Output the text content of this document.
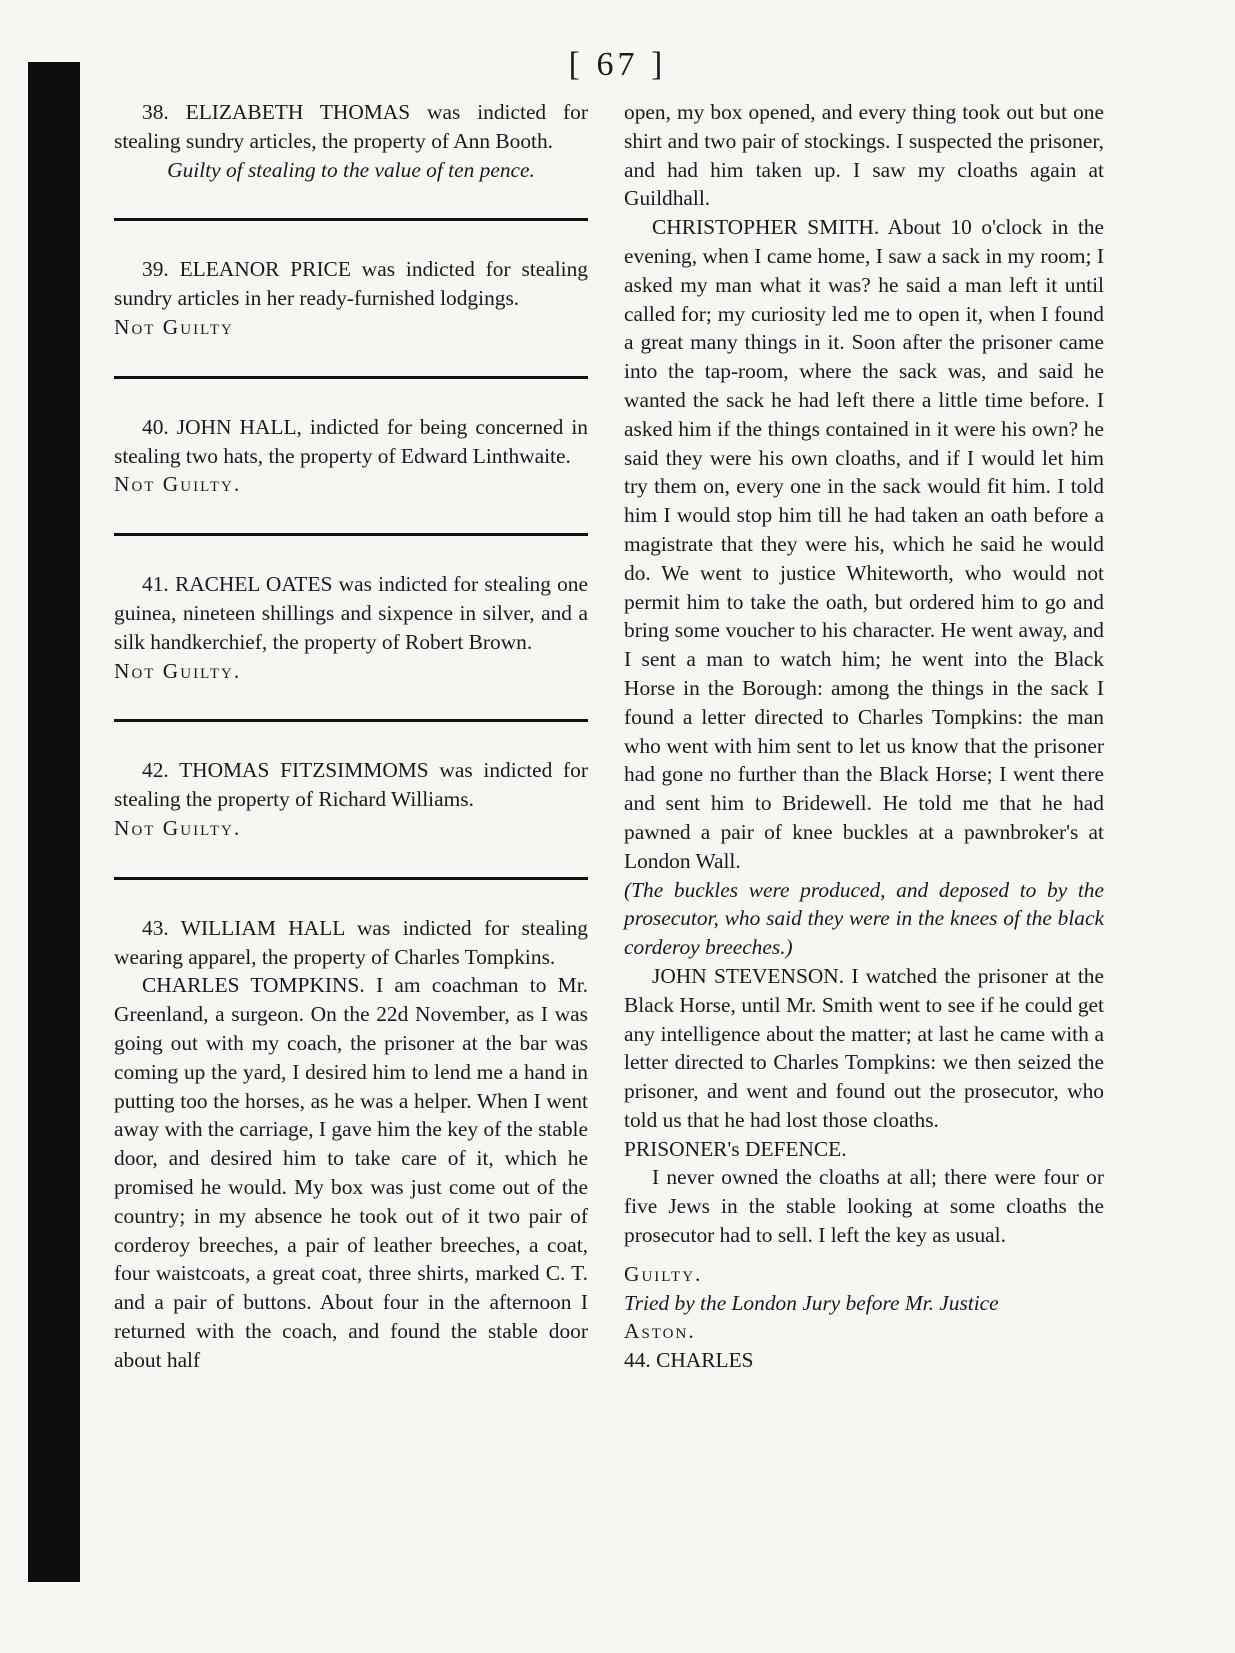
[ 67 ]

38. ELIZABETH THOMAS was indicted for stealing sundry articles, the property of Ann Booth.

Guilty of stealing to the value of ten pence.

39. ELEANOR PRICE was indicted for stealing sundry articles in her ready-furnished lodgings.

Not Guilty

40. JOHN HALL, indicted for being concerned in stealing two hats, the property of Edward Linthwaite.

Not Guilty.

41. RACHEL OATES was indicted for stealing one guinea, nineteen shillings and sixpence in silver, and a silk handkerchief, the property of Robert Brown.

Not Guilty.

42. THOMAS FITZSIMMOMS was indicted for stealing the property of Richard Williams.

Not Guilty.

43. WILLIAM HALL was indicted for stealing wearing apparel, the property of Charles Tompkins.

CHARLES TOMPKINS. I am coachman to Mr. Greenland, a surgeon. On the 22d November, as I was going out with my coach, the prisoner at the bar was coming up the yard, I desired him to lend me a hand in putting too the horses, as he was a helper. When I went away with the carriage, I gave him the key of the stable door, and desired him to take care of it, which he promised he would. My box was just come out of the country; in my absence he took out of it two pair of corderoy breeches, a pair of leather breeches, a coat, four waistcoats, a great coat, three shirts, marked C. T. and a pair of buttons. About four in the afternoon I returned with the coach, and found the stable door about half

open, my box opened, and every thing took out but one shirt and two pair of stockings. I suspected the prisoner, and had him taken up. I saw my cloaths again at Guildhall.

CHRISTOPHER SMITH. About 10 o'clock in the evening, when I came home, I saw a sack in my room; I asked my man what it was? he said a man left it until called for; my curiosity led me to open it, when I found a great many things in it. Soon after the prisoner came into the tap-room, where the sack was, and said he wanted the sack he had left there a little time before. I asked him if the things contained in it were his own? he said they were his own cloaths, and if I would let him try them on, every one in the sack would fit him. I told him I would stop him till he had taken an oath before a magistrate that they were his, which he said he would do. We went to justice Whiteworth, who would not permit him to take the oath, but ordered him to go and bring some voucher to his character. He went away, and I sent a man to watch him; he went into the Black Horse in the Borough: among the things in the sack I found a letter directed to Charles Tompkins: the man who went with him sent to let us know that the prisoner had gone no further than the Black Horse; I went there and sent him to Bridewell. He told me that he had pawned a pair of knee buckles at a pawnbroker's at London Wall.

(The buckles were produced, and deposed to by the prosecutor, who said they were in the knees of the black corderoy breeches.)

JOHN STEVENSON. I watched the prisoner at the Black Horse, until Mr. Smith went to see if he could get any intelligence about the matter; at last he came with a letter directed to Charles Tompkins: we then seized the prisoner, and went and found out the prosecutor, who told us that he had lost those cloaths.

PRISONER's DEFENCE.

I never owned the cloaths at all; there were four or five Jews in the stable looking at some cloaths the prosecutor had to sell. I left the key as usual.

Guilty.

Tried by the London Jury before Mr. Justice

Aston.

44. CHARLES
